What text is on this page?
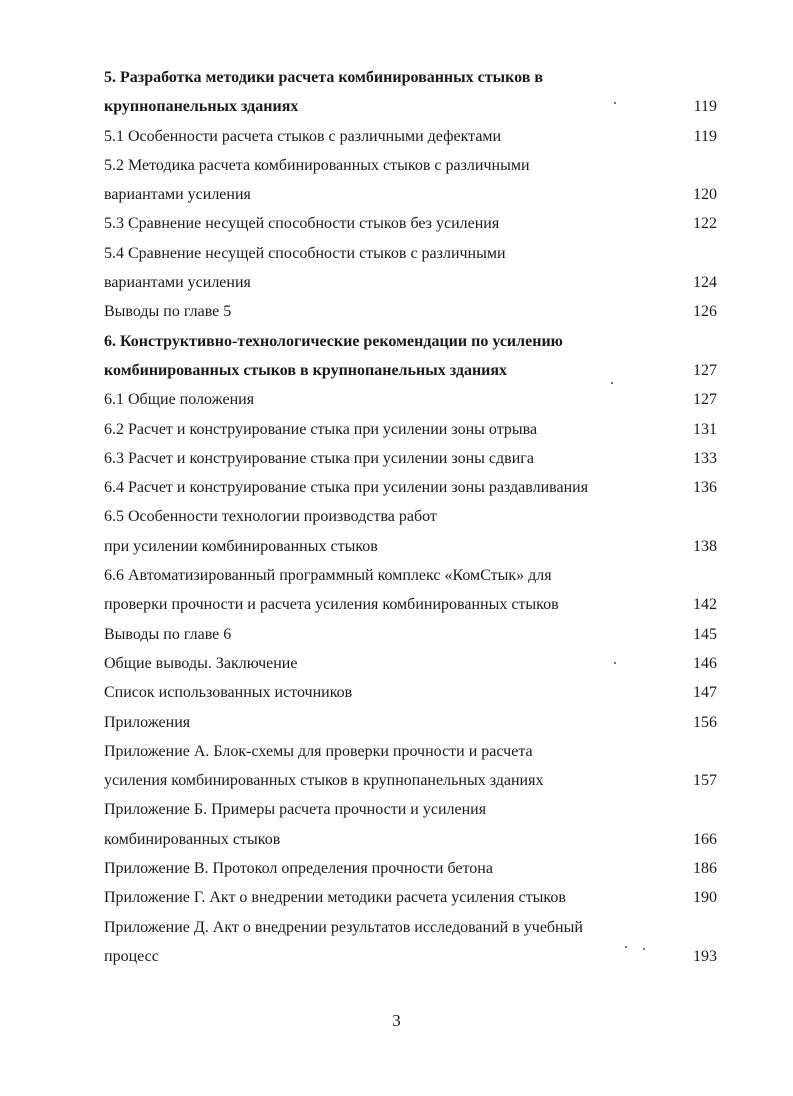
5. Разработка методики расчета комбинированных стыков в
крупнопанельных зданиях	119
5.1 Особенности расчета стыков с различными дефектами	119
5.2 Методика расчета комбинированных стыков с различными
вариантами усиления	120
5.3 Сравнение несущей способности стыков без усиления	122
5.4 Сравнение несущей способности стыков с различными
вариантами усиления	124
Выводы по главе 5	126
6. Конструктивно-технологические рекомендации по усилению
комбинированных стыков в крупнопанельных зданиях	127
6.1 Общие положения	127
6.2 Расчет и конструирование стыка при усилении зоны отрыва	131
6.3 Расчет и конструирование стыка при усилении зоны сдвига	133
6.4 Расчет и конструирование стыка при усилении зоны раздавливания	136
6.5 Особенности технологии производства работ
при усилении комбинированных стыков	138
6.6 Автоматизированный программный комплекс «КомСтык» для
проверки прочности и расчета усиления комбинированных стыков	142
Выводы по главе 6	145
Общие выводы. Заключение	146
Список использованных источников	147
Приложения	156
Приложение А. Блок-схемы для проверки прочности и расчета
усиления комбинированных стыков в крупнопанельных зданиях	157
Приложение Б. Примеры расчета прочности и усиления
комбинированных стыков	166
Приложение В. Протокол определения прочности бетона	186
Приложение Г. Акт о внедрении методики расчета усиления стыков	190
Приложение Д. Акт о внедрении результатов исследований в учебный
процесс	193
3
